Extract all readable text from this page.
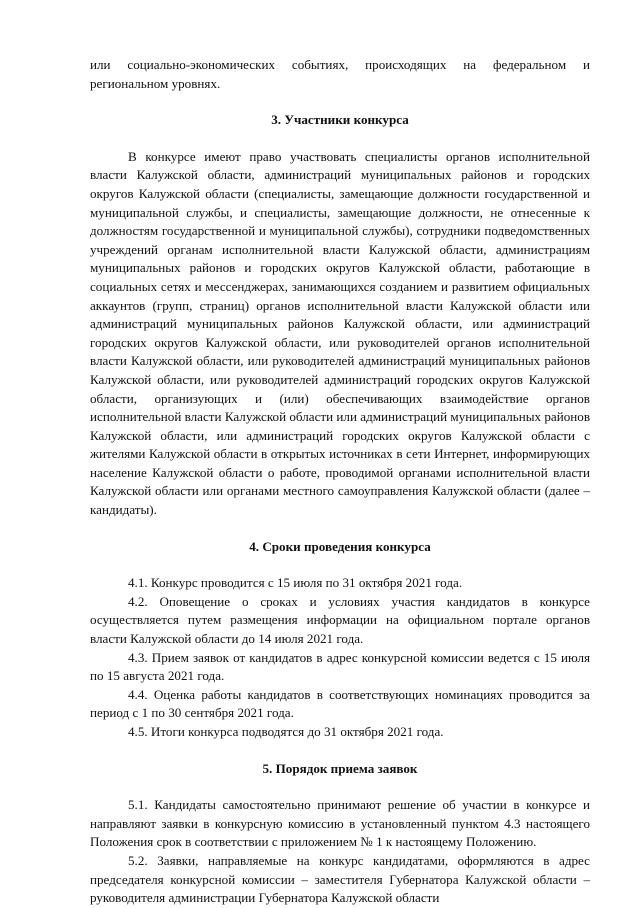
или социально-экономических событиях, происходящих на федеральном и региональном уровнях.

3. Участники конкурса

В конкурсе имеют право участвовать специалисты органов исполнительной власти Калужской области, администраций муниципальных районов и городских округов Калужской области (специалисты, замещающие должности государственной и муниципальной службы, и специалисты, замещающие должности, не отнесенные к должностям государственной и муниципальной службы), сотрудники подведомственных учреждений органам исполнительной власти Калужской области, администрациям муниципальных районов и городских округов Калужской области, работающие в социальных сетях и мессенджерах, занимающихся созданием и развитием официальных аккаунтов (групп, страниц) органов исполнительной власти Калужской области или администраций муниципальных районов Калужской области, или администраций городских округов Калужской области, или руководителей органов исполнительной власти Калужской области, или руководителей администраций муниципальных районов Калужской области, или руководителей администраций городских округов Калужской области, организующих и (или) обеспечивающих взаимодействие органов исполнительной власти Калужской области или администраций муниципальных районов Калужской области, или администраций городских округов Калужской области с жителями Калужской области в открытых источниках в сети Интернет, информирующих население Калужской области о работе, проводимой органами исполнительной власти Калужской области или органами местного самоуправления Калужской области (далее – кандидаты).

4. Сроки проведения конкурса

4.1. Конкурс проводится с 15 июля по 31 октября 2021 года.

4.2. Оповещение о сроках и условиях участия кандидатов в конкурсе осуществляется путем размещения информации на официальном портале органов власти Калужской области до 14 июля 2021 года.

4.3. Прием заявок от кандидатов в адрес конкурсной комиссии ведется с 15 июля по 15 августа 2021 года.

4.4. Оценка работы кандидатов в соответствующих номинациях проводится за период с 1 по 30 сентября 2021 года.

4.5. Итоги конкурса подводятся до 31 октября 2021 года.

5. Порядок приема заявок

5.1. Кандидаты самостоятельно принимают решение об участии в конкурсе и направляют заявки в конкурсную комиссию в установленный пунктом 4.3 настоящего Положения срок в соответствии с приложением № 1 к настоящему Положению.

5.2. Заявки, направляемые на конкурс кандидатами, оформляются в адрес председателя конкурсной комиссии – заместителя Губернатора Калужской области – руководителя администрации Губернатора Калужской области
